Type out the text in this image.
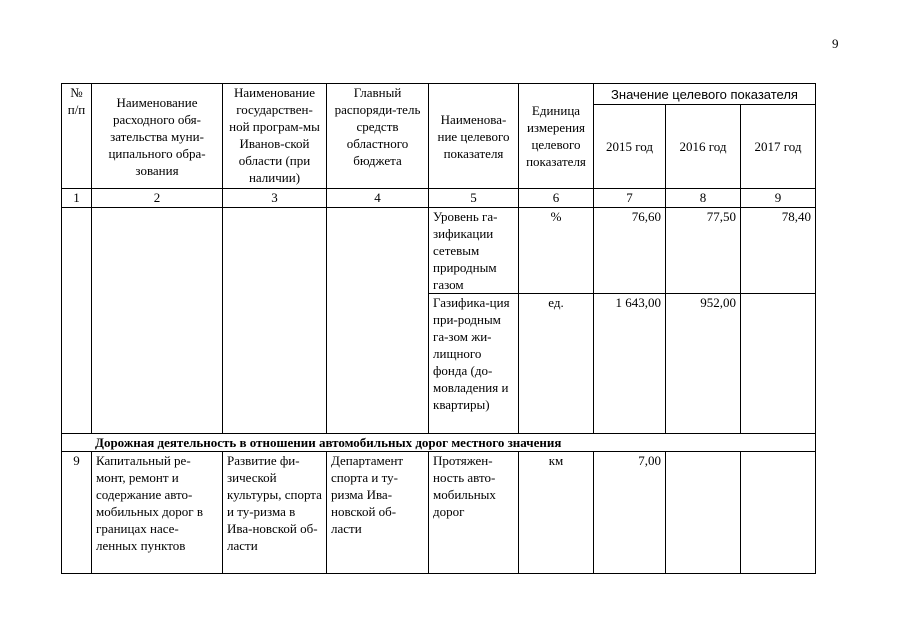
9
№ п/п	Наименование расходного обя-зательства муни-ципального обра-зования	Наименование государствен-ной програм-мы Иванов-ской области (при наличии)	Главный распоряди-тель средств областного бюджета	Наименова-ние целевого показателя	Единица измерения целевого показателя	Значение целевого показателя		
						2015 год	2016 год	2017 год
1	2	3	4	5	6	7	8	9
				Уровень га-зификации сетевым природным газом	%	76,60	77,50	78,40
				Газифика-ция при-родным га-зом жи-лищного фонда (до-мовладения и квартиры)	ед.	1 643,00	952,00	
Дорожная деятельность в отношении автомобильных дорог местного значения								
9	Капитальный ре-монт, ремонт и содержание авто-мобильных дорог в границах насе-ленных пунктов	Развитие фи-зической культуры, спорта и ту-ризма в Ива-новской об-ласти	Департамент спорта и ту-ризма Ива-новской об-ласти	Протяжен-ность авто-мобильных дорог	км	7,00		
